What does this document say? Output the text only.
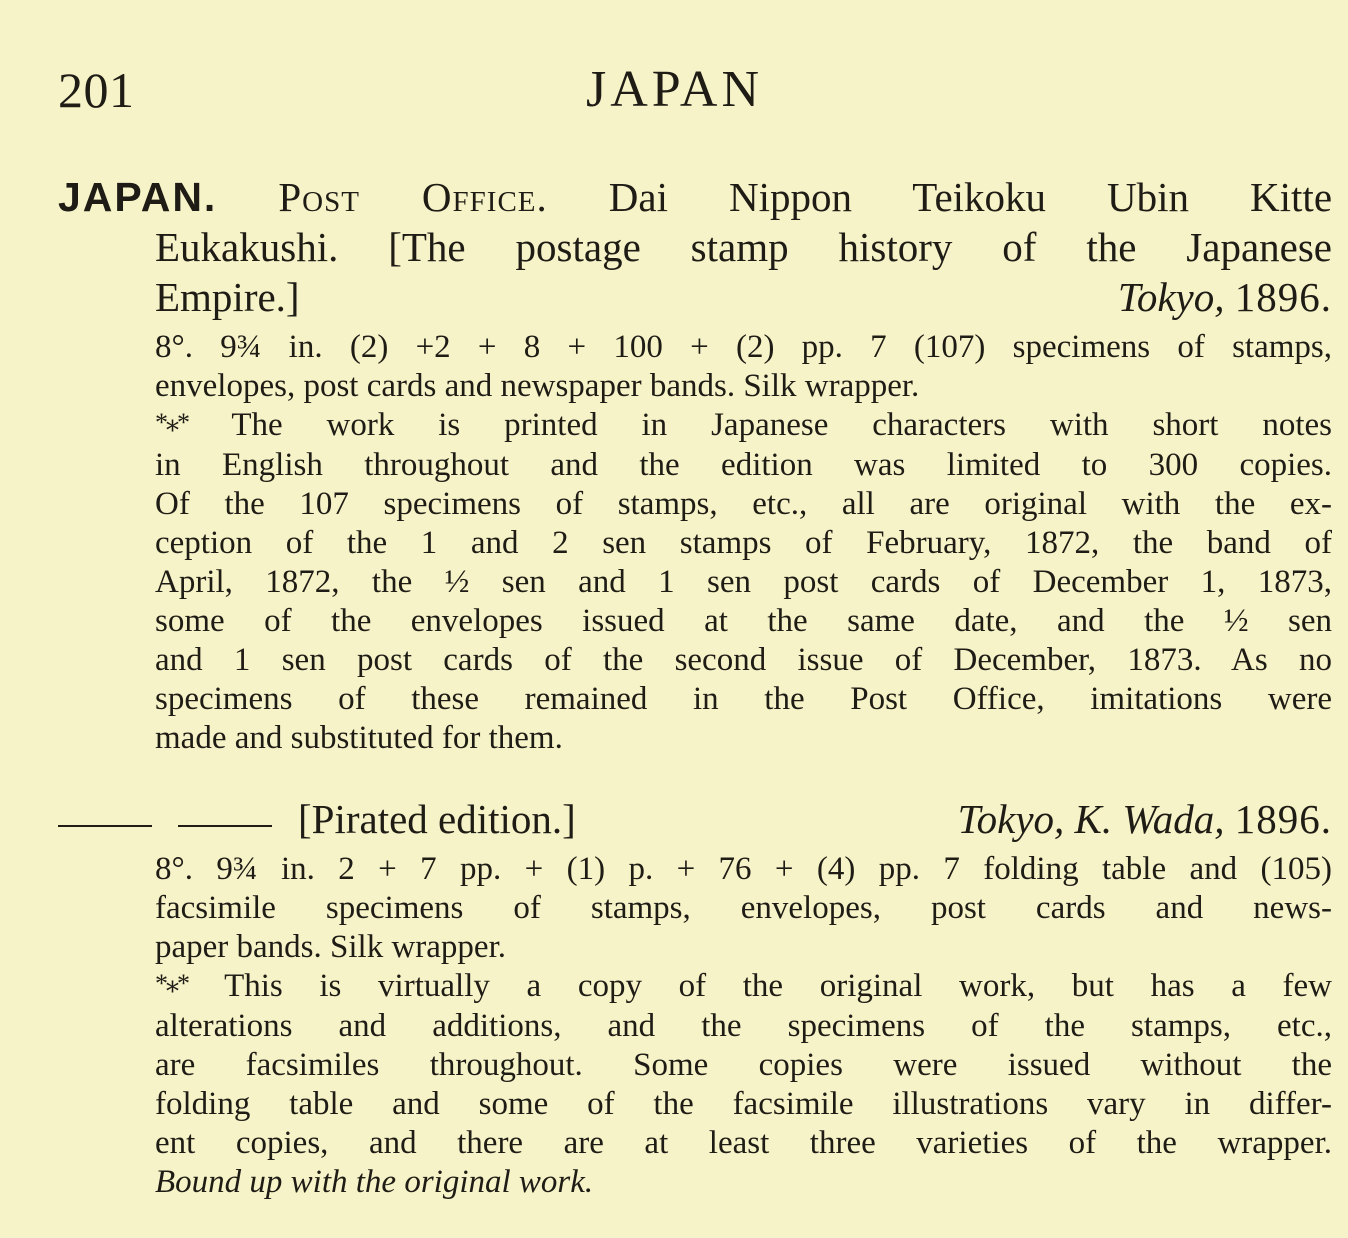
201	JAPAN
JAPAN. Post Office. Dai Nippon Teikoku Ubin Kitte
Eukakushi. [The postage stamp history of the Japanese
Empire.]	Tokyo, 1896.
8°. 9¾ in. (2) +2 + 8 + 100 + (2) pp. 7 (107) specimens of stamps,
envelopes, post cards and newspaper bands. Silk wrapper.
*⁎* The work is printed in Japanese characters with short notes
in English throughout and the edition was limited to 300 copies.
Of the 107 specimens of stamps, etc., all are original with the ex-
ception of the 1 and 2 sen stamps of February, 1872, the band of
April, 1872, the ½ sen and 1 sen post cards of December 1, 1873,
some of the envelopes issued at the same date, and the ½ sen
and 1 sen post cards of the second issue of December, 1873. As no
specimens of these remained in the Post Office, imitations were
made and substituted for them.
[Pirated edition.]	Tokyo, K. Wada, 1896.
8°. 9¾ in. 2 + 7 pp. + (1) p. + 76 + (4) pp. 7 folding table and (105)
facsimile specimens of stamps, envelopes, post cards and news-
paper bands. Silk wrapper.
*⁎* This is virtually a copy of the original work, but has a few
alterations and additions, and the specimens of the stamps, etc.,
are facsimiles throughout. Some copies were issued without the
folding table and some of the facsimile illustrations vary in differ-
ent copies, and there are at least three varieties of the wrapper.
Bound up with the original work.
